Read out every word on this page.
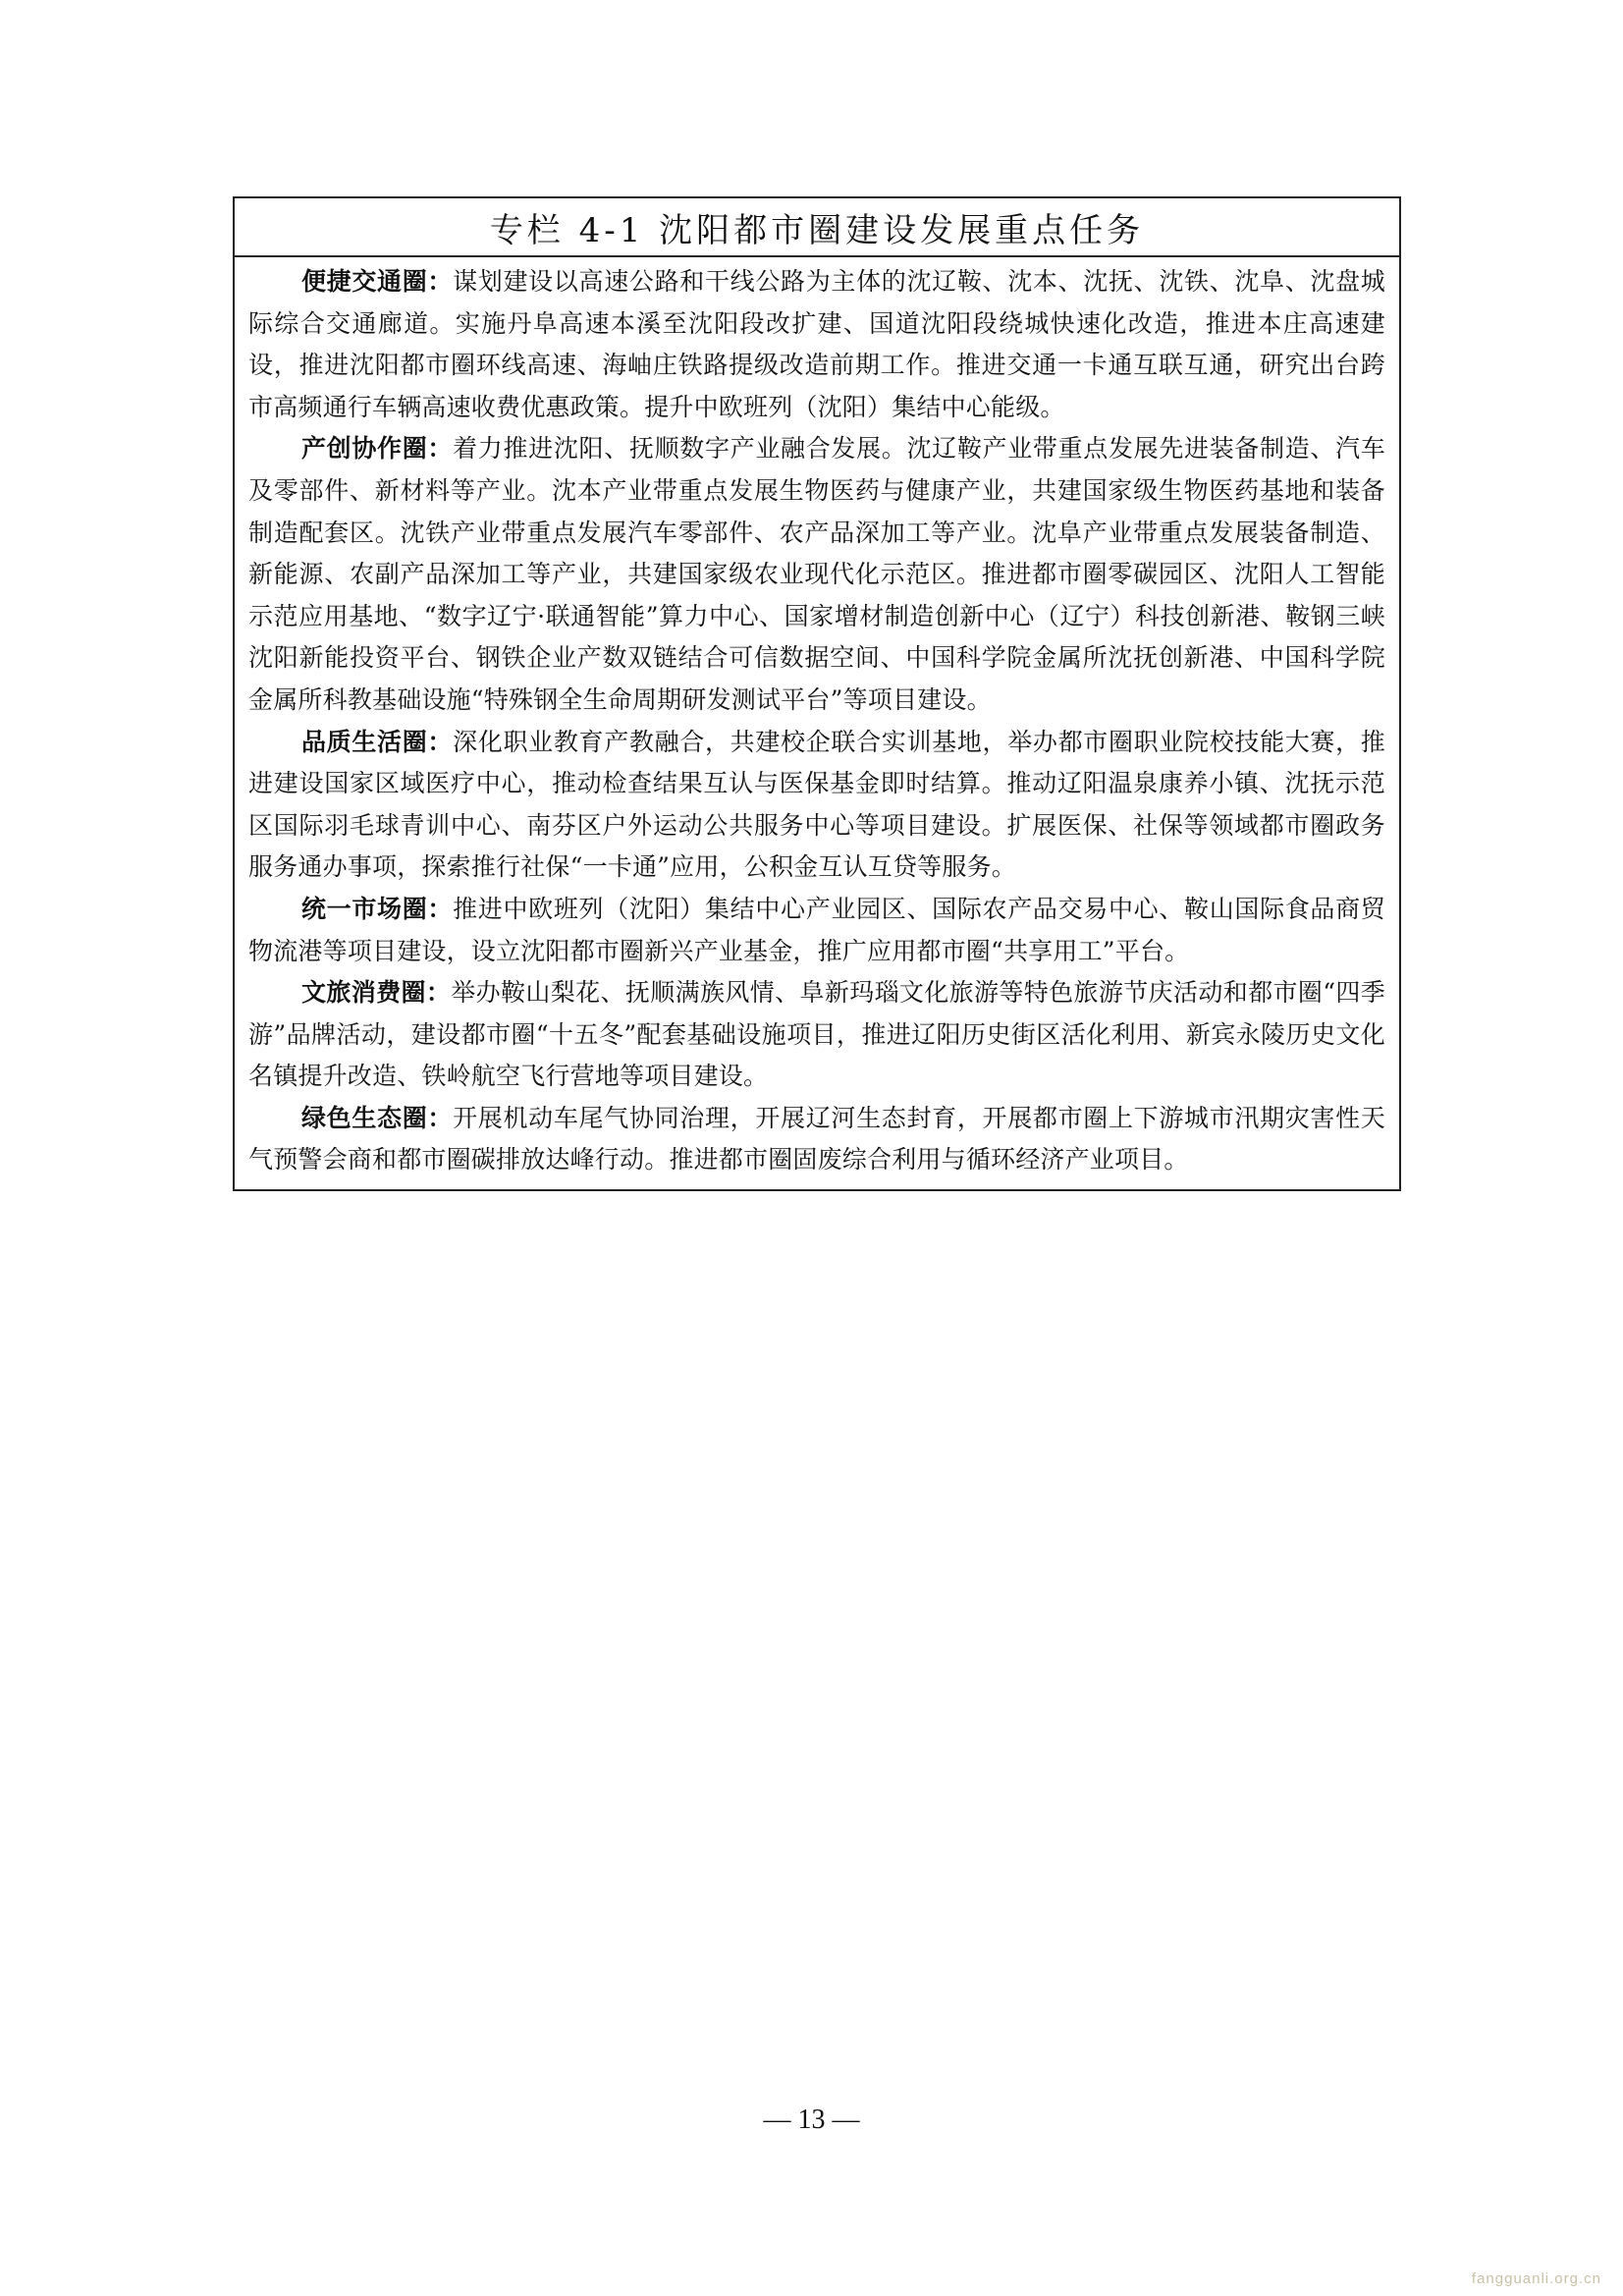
专栏 4-1 沈阳都市圈建设发展重点任务

便捷交通圈：谋划建设以高速公路和干线公路为主体的沈辽鞍、沈本、沈抚、沈铁、沈阜、沈盘城际综合交通廊道。实施丹阜高速本溪至沈阳段改扩建、国道沈阳段绕城快速化改造，推进本庄高速建设，推进沈阳都市圈环线高速、海岫庄铁路提级改造前期工作。推进交通一卡通互联互通，研究出台跨市高频通行车辆高速收费优惠政策。提升中欧班列（沈阳）集结中心能级。

产创协作圈：着力推进沈阳、抚顺数字产业融合发展。沈辽鞍产业带重点发展先进装备制造、汽车及零部件、新材料等产业。沈本产业带重点发展生物医药与健康产业，共建国家级生物医药基地和装备制造配套区。沈铁产业带重点发展汽车零部件、农产品深加工等产业。沈阜产业带重点发展装备制造、新能源、农副产品深加工等产业，共建国家级农业现代化示范区。推进都市圈零碳园区、沈阳人工智能示范应用基地、“数字辽宁·联通智能”算力中心、国家增材制造创新中心（辽宁）科技创新港、鞍钢三峡沈阳新能投资平台、钢铁企业产数双链结合可信数据空间、中国科学院金属所沈抚创新港、中国科学院金属所科教基础设施“特殊钢全生命周期研发测试平台”等项目建设。

品质生活圈：深化职业教育产教融合，共建校企联合实训基地，举办都市圈职业院校技能大赛，推进建设国家区域医疗中心，推动检查结果互认与医保基金即时结算。推动辽阳温泉康养小镇、沈抚示范区国际羽毛球青训中心、南芬区户外运动公共服务中心等项目建设。扩展医保、社保等领域都市圈政务服务通办事项，探索推行社保“一卡通”应用，公积金互认互贷等服务。

统一市场圈：推进中欧班列（沈阳）集结中心产业园区、国际农产品交易中心、鞍山国际食品商贸物流港等项目建设，设立沈阳都市圈新兴产业基金，推广应用都市圈“共享用工”平台。

文旅消费圈：举办鞍山梨花、抚顺满族风情、阜新玛瑙文化旅游等特色旅游节庆活动和都市圈“四季游”品牌活动，建设都市圈“十五冬”配套基础设施项目，推进辽阳历史街区活化利用、新宾永陵历史文化名镇提升改造、铁岭航空飞行营地等项目建设。

绿色生态圈：开展机动车尾气协同治理，开展辽河生态封育，开展都市圈上下游城市汛期灾害性天气预警会商和都市圈碳排放达峰行动。推进都市圈固废综合利用与循环经济产业项目。

— 13 —
fangguanli.org.cn
